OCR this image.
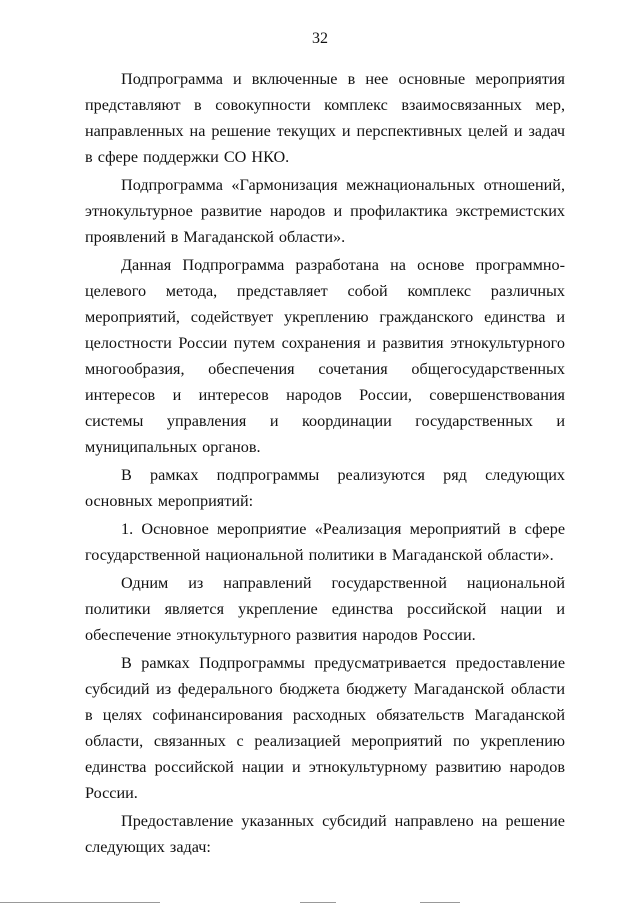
32

Подпрограмма и включенные в нее основные мероприятия представляют в совокупности комплекс взаимосвязанных мер, направленных на решение текущих и перспективных целей и задач в сфере поддержки СО НКО.

Подпрограмма «Гармонизация межнациональных отношений, этнокультурное развитие народов и профилактика экстремистских проявлений в Магаданской области».

Данная Подпрограмма разработана на основе программно-целевого метода, представляет собой комплекс различных мероприятий, содействует укреплению гражданского единства и целостности России путем сохранения и развития этнокультурного многообразия, обеспечения сочетания общегосударственных интересов и интересов народов России, совершенствования системы управления и координации государственных и муниципальных органов.

В рамках подпрограммы реализуются ряд следующих основных мероприятий:

1. Основное мероприятие «Реализация мероприятий в сфере государственной национальной политики в Магаданской области».

Одним из направлений государственной национальной политики является укрепление единства российской нации и обеспечение этнокультурного развития народов России.

В рамках Подпрограммы предусматривается предоставление субсидий из федерального бюджета бюджету Магаданской области в целях софинансирования расходных обязательств Магаданской области, связанных с реализацией мероприятий по укреплению единства российской нации и этнокультурному развитию народов России.

Предоставление указанных субсидий направлено на решение следующих задач:
